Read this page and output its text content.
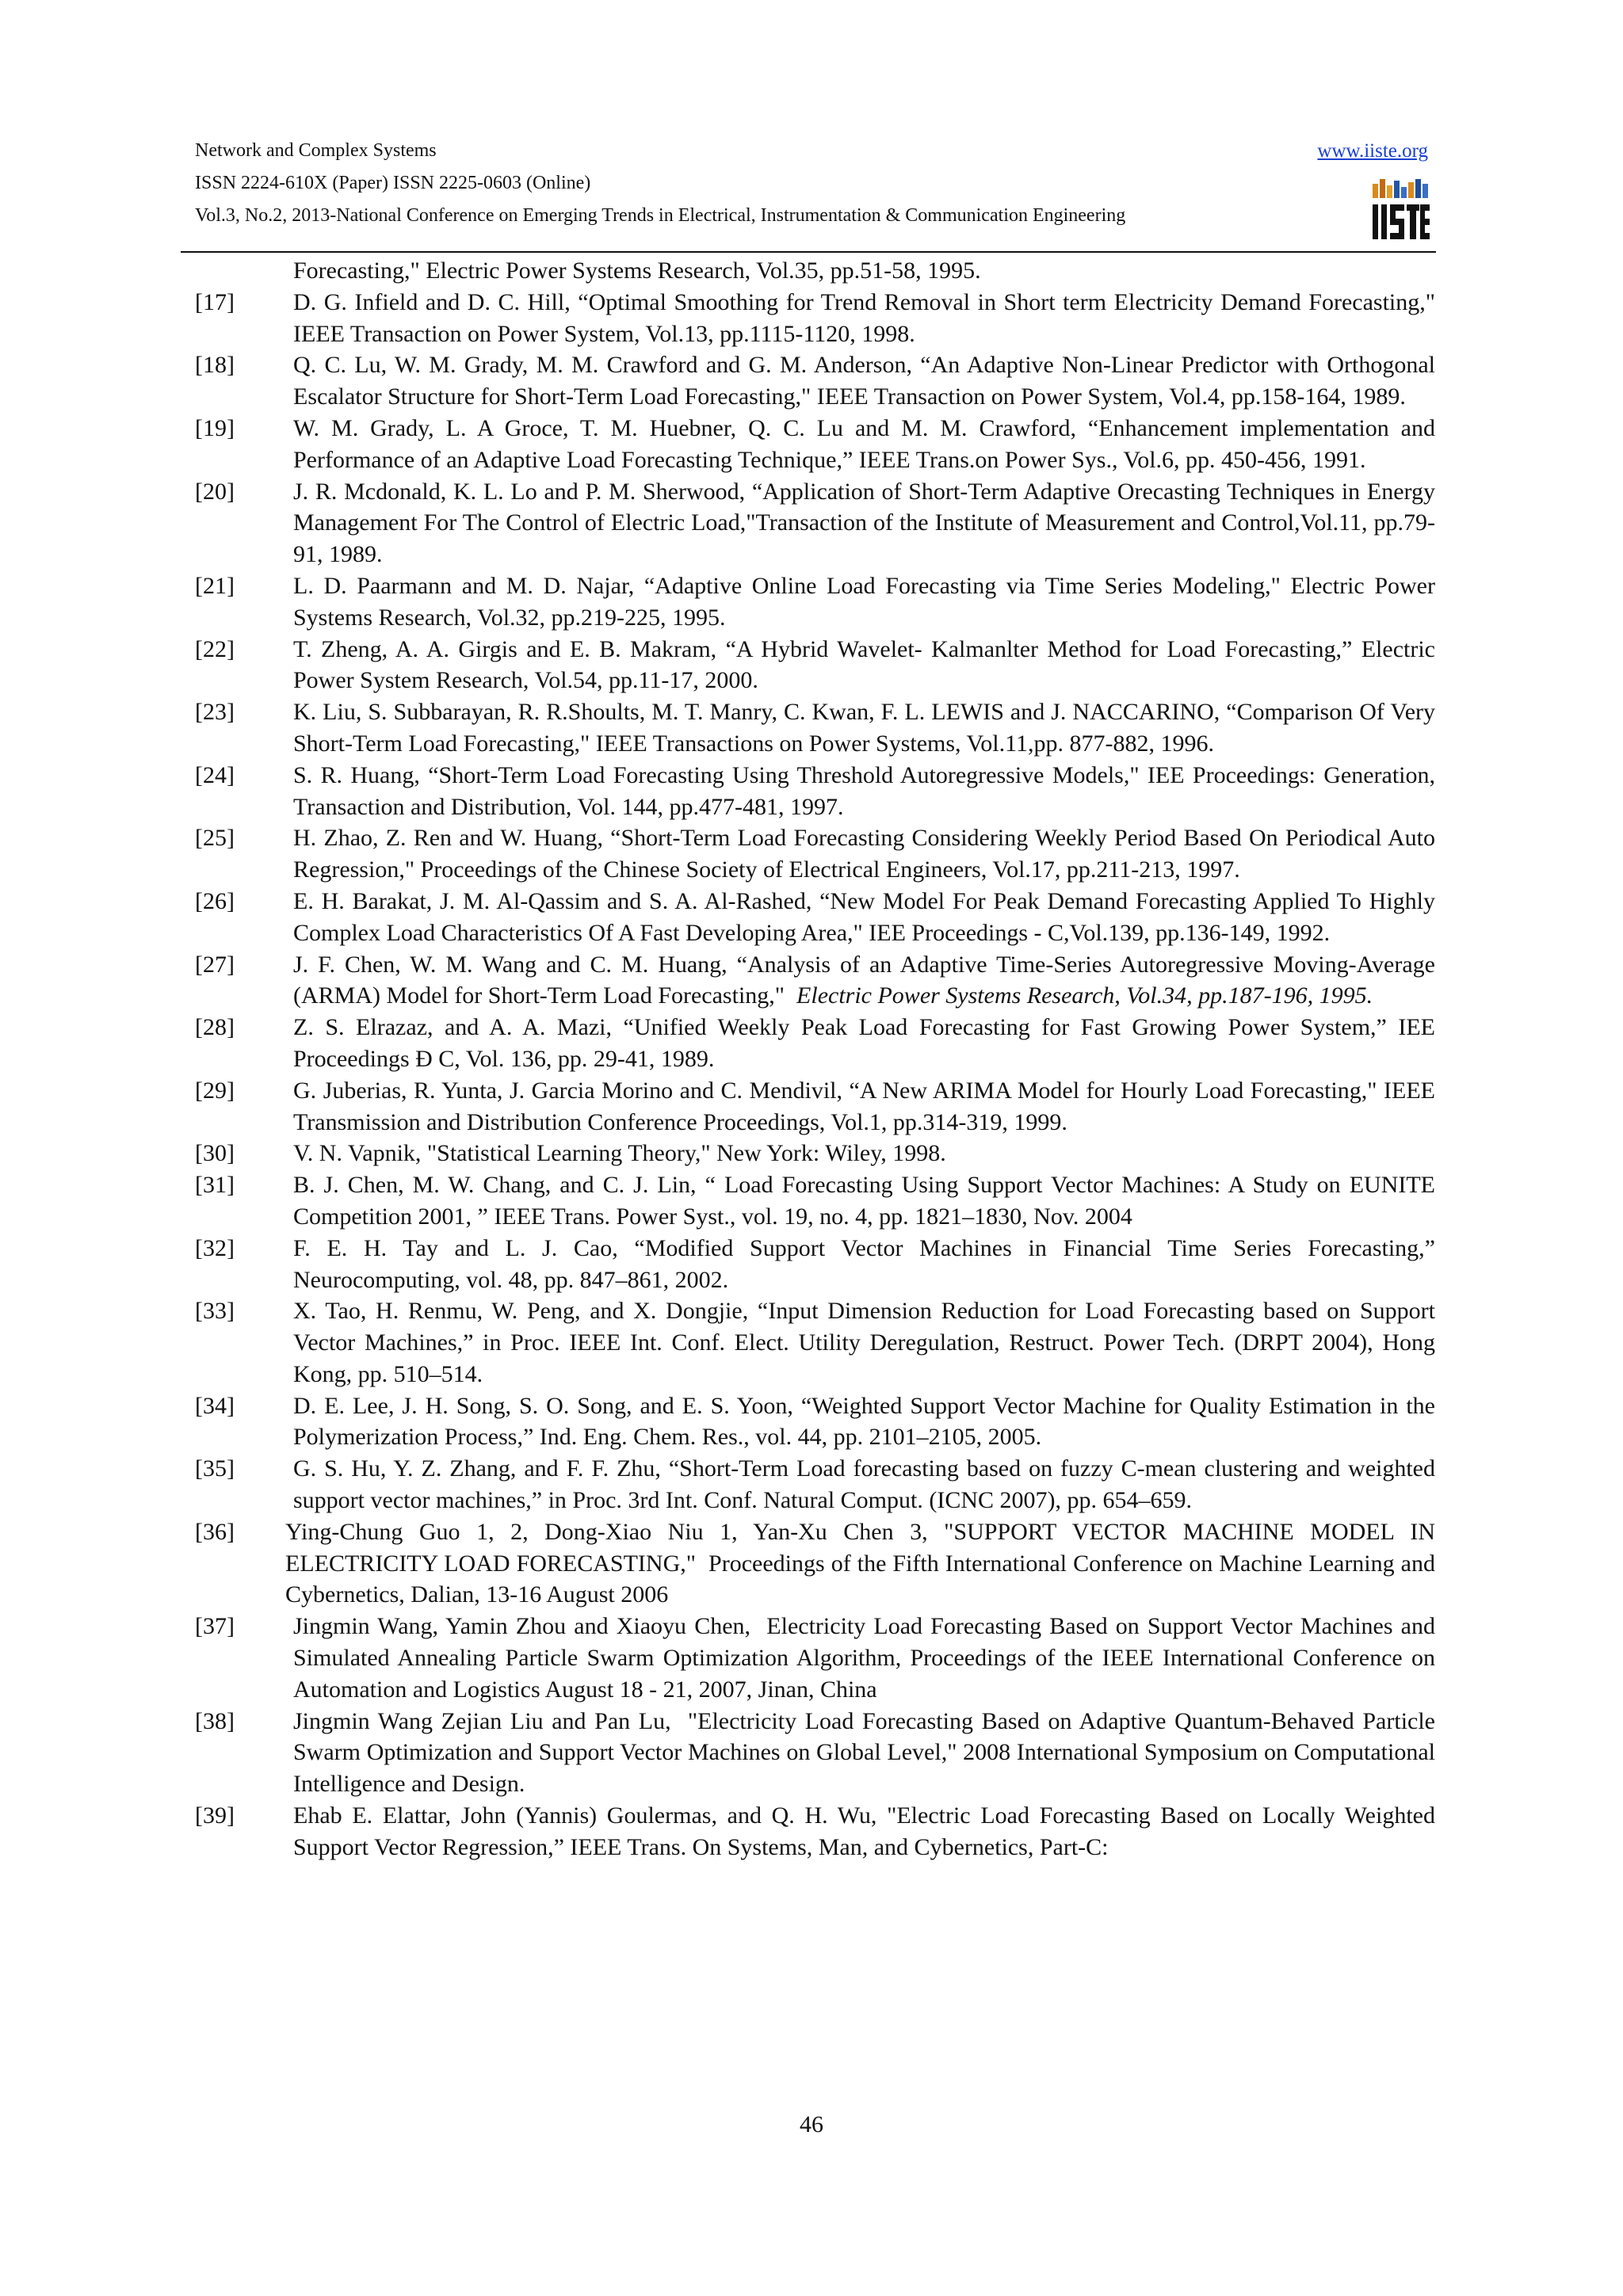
Network and Complex Systems
ISSN 2224-610X (Paper) ISSN 2225-0603 (Online)
Vol.3, No.2, 2013-National Conference on Emerging Trends in Electrical, Instrumentation & Communication Engineering
www.iiste.org
Forecasting," Electric Power Systems Research, Vol.35, pp.51-58, 1995.
[17]	D. G. Infield and D. C. Hill, “Optimal Smoothing for Trend Removal in Short term Electricity Demand Forecasting," IEEE Transaction on Power System, Vol.13, pp.1115-1120, 1998.
[18]	Q. C. Lu, W. M. Grady, M. M. Crawford and G. M. Anderson, “An Adaptive Non-Linear Predictor with Orthogonal Escalator Structure for Short-Term Load Forecasting," IEEE Transaction on Power System, Vol.4, pp.158-164, 1989.
[19]	W. M. Grady, L. A Groce, T. M. Huebner, Q. C. Lu and M. M. Crawford, “Enhancement implementation and Performance of an Adaptive Load Forecasting Technique,” IEEE Trans.on Power Sys., Vol.6, pp. 450-456, 1991.
[20]	J. R. Mcdonald, K. L. Lo and P. M. Sherwood, “Application of Short-Term Adaptive Orecasting Techniques in Energy Management For The Control of Electric Load,"Transaction of the Institute of Measurement and Control,Vol.11, pp.79-91, 1989.
[21]	L. D. Paarmann and M. D. Najar, “Adaptive Online Load Forecasting via Time Series Modeling," Electric Power Systems Research, Vol.32, pp.219-225, 1995.
[22]	T. Zheng, A. A. Girgis and E. B. Makram, “A Hybrid Wavelet- Kalmanlter Method for Load Forecasting,” Electric Power System Research, Vol.54, pp.11-17, 2000.
[23]	K. Liu, S. Subbarayan, R. R.Shoults, M. T. Manry, C. Kwan, F. L. LEWIS and J. NACCARINO, “Comparison Of Very Short-Term Load Forecasting," IEEE Transactions on Power Systems, Vol.11,pp. 877-882, 1996.
[24]	S. R. Huang, “Short-Term Load Forecasting Using Threshold Autoregressive Models," IEE Proceedings: Generation, Transaction and Distribution, Vol. 144, pp.477-481, 1997.
[25]	H. Zhao, Z. Ren and W. Huang, “Short-Term Load Forecasting Considering Weekly Period Based On Periodical Auto Regression," Proceedings of the Chinese Society of Electrical Engineers, Vol.17, pp.211-213, 1997.
[26]	E. H. Barakat, J. M. Al-Qassim and S. A. Al-Rashed, “New Model For Peak Demand Forecasting Applied To Highly Complex Load Characteristics Of A Fast Developing Area," IEE Proceedings - C,Vol.139, pp.136-149, 1992.
[27]	J. F. Chen, W. M. Wang and C. M. Huang, “Analysis of an Adaptive Time-Series Autoregressive Moving-Average (ARMA) Model for Short-Term Load Forecasting,"  Electric Power Systems Research, Vol.34, pp.187-196, 1995.
[28]	Z. S. Elrazaz, and A. A. Mazi, “Unified Weekly Peak Load Forecasting for Fast Growing Power System,” IEE Proceedings Ð C, Vol. 136, pp. 29-41, 1989.
[29]	G. Juberias, R. Yunta, J. Garcia Morino and C. Mendivil, “A New ARIMA Model for Hourly Load Forecasting," IEEE Transmission and Distribution Conference Proceedings, Vol.1, pp.314-319, 1999.
[30]	V. N. Vapnik, "Statistical Learning Theory," New York: Wiley, 1998.
[31]	B. J. Chen, M. W. Chang, and C. J. Lin, “ Load Forecasting Using Support Vector Machines: A Study on EUNITE Competition 2001, ” IEEE Trans. Power Syst., vol. 19, no. 4, pp. 1821–1830, Nov. 2004
[32]	F. E. H. Tay and L. J. Cao, “Modified Support Vector Machines in Financial Time Series Forecasting,” Neurocomputing, vol. 48, pp. 847–861, 2002.
[33]	X. Tao, H. Renmu, W. Peng, and X. Dongjie, “Input Dimension Reduction for Load Forecasting based on Support Vector Machines,” in Proc. IEEE Int. Conf. Elect. Utility Deregulation, Restruct. Power Tech. (DRPT 2004), Hong Kong, pp. 510–514.
[34]	D. E. Lee, J. H. Song, S. O. Song, and E. S. Yoon, “Weighted Support Vector Machine for Quality Estimation in the Polymerization Process,” Ind. Eng. Chem. Res., vol. 44, pp. 2101–2105, 2005.
[35]	G. S. Hu, Y. Z. Zhang, and F. F. Zhu, “Short-Term Load forecasting based on fuzzy C-mean clustering and weighted support vector machines,” in Proc. 3rd Int. Conf. Natural Comput. (ICNC 2007), pp. 654–659.
[36]	Ying-Chung Guo 1, 2, Dong-Xiao Niu 1, Yan-Xu Chen 3, "SUPPORT VECTOR MACHINE MODEL IN ELECTRICITY LOAD FORECASTING,"  Proceedings of the Fifth International Conference on Machine Learning and Cybernetics, Dalian, 13-16 August 2006
[37]	Jingmin Wang, Yamin Zhou and Xiaoyu Chen,  Electricity Load Forecasting Based on Support Vector Machines and Simulated Annealing Particle Swarm Optimization Algorithm, Proceedings of the IEEE International Conference on Automation and Logistics August 18 - 21, 2007, Jinan, China
[38]	Jingmin Wang Zejian Liu and Pan Lu,  "Electricity Load Forecasting Based on Adaptive Quantum-Behaved Particle Swarm Optimization and Support Vector Machines on Global Level," 2008 International Symposium on Computational Intelligence and Design.
[39]	Ehab E. Elattar, John (Yannis) Goulermas, and Q. H. Wu, "Electric Load Forecasting Based on Locally Weighted Support Vector Regression,” IEEE Trans. On Systems, Man, and Cybernetics, Part-C:
46
